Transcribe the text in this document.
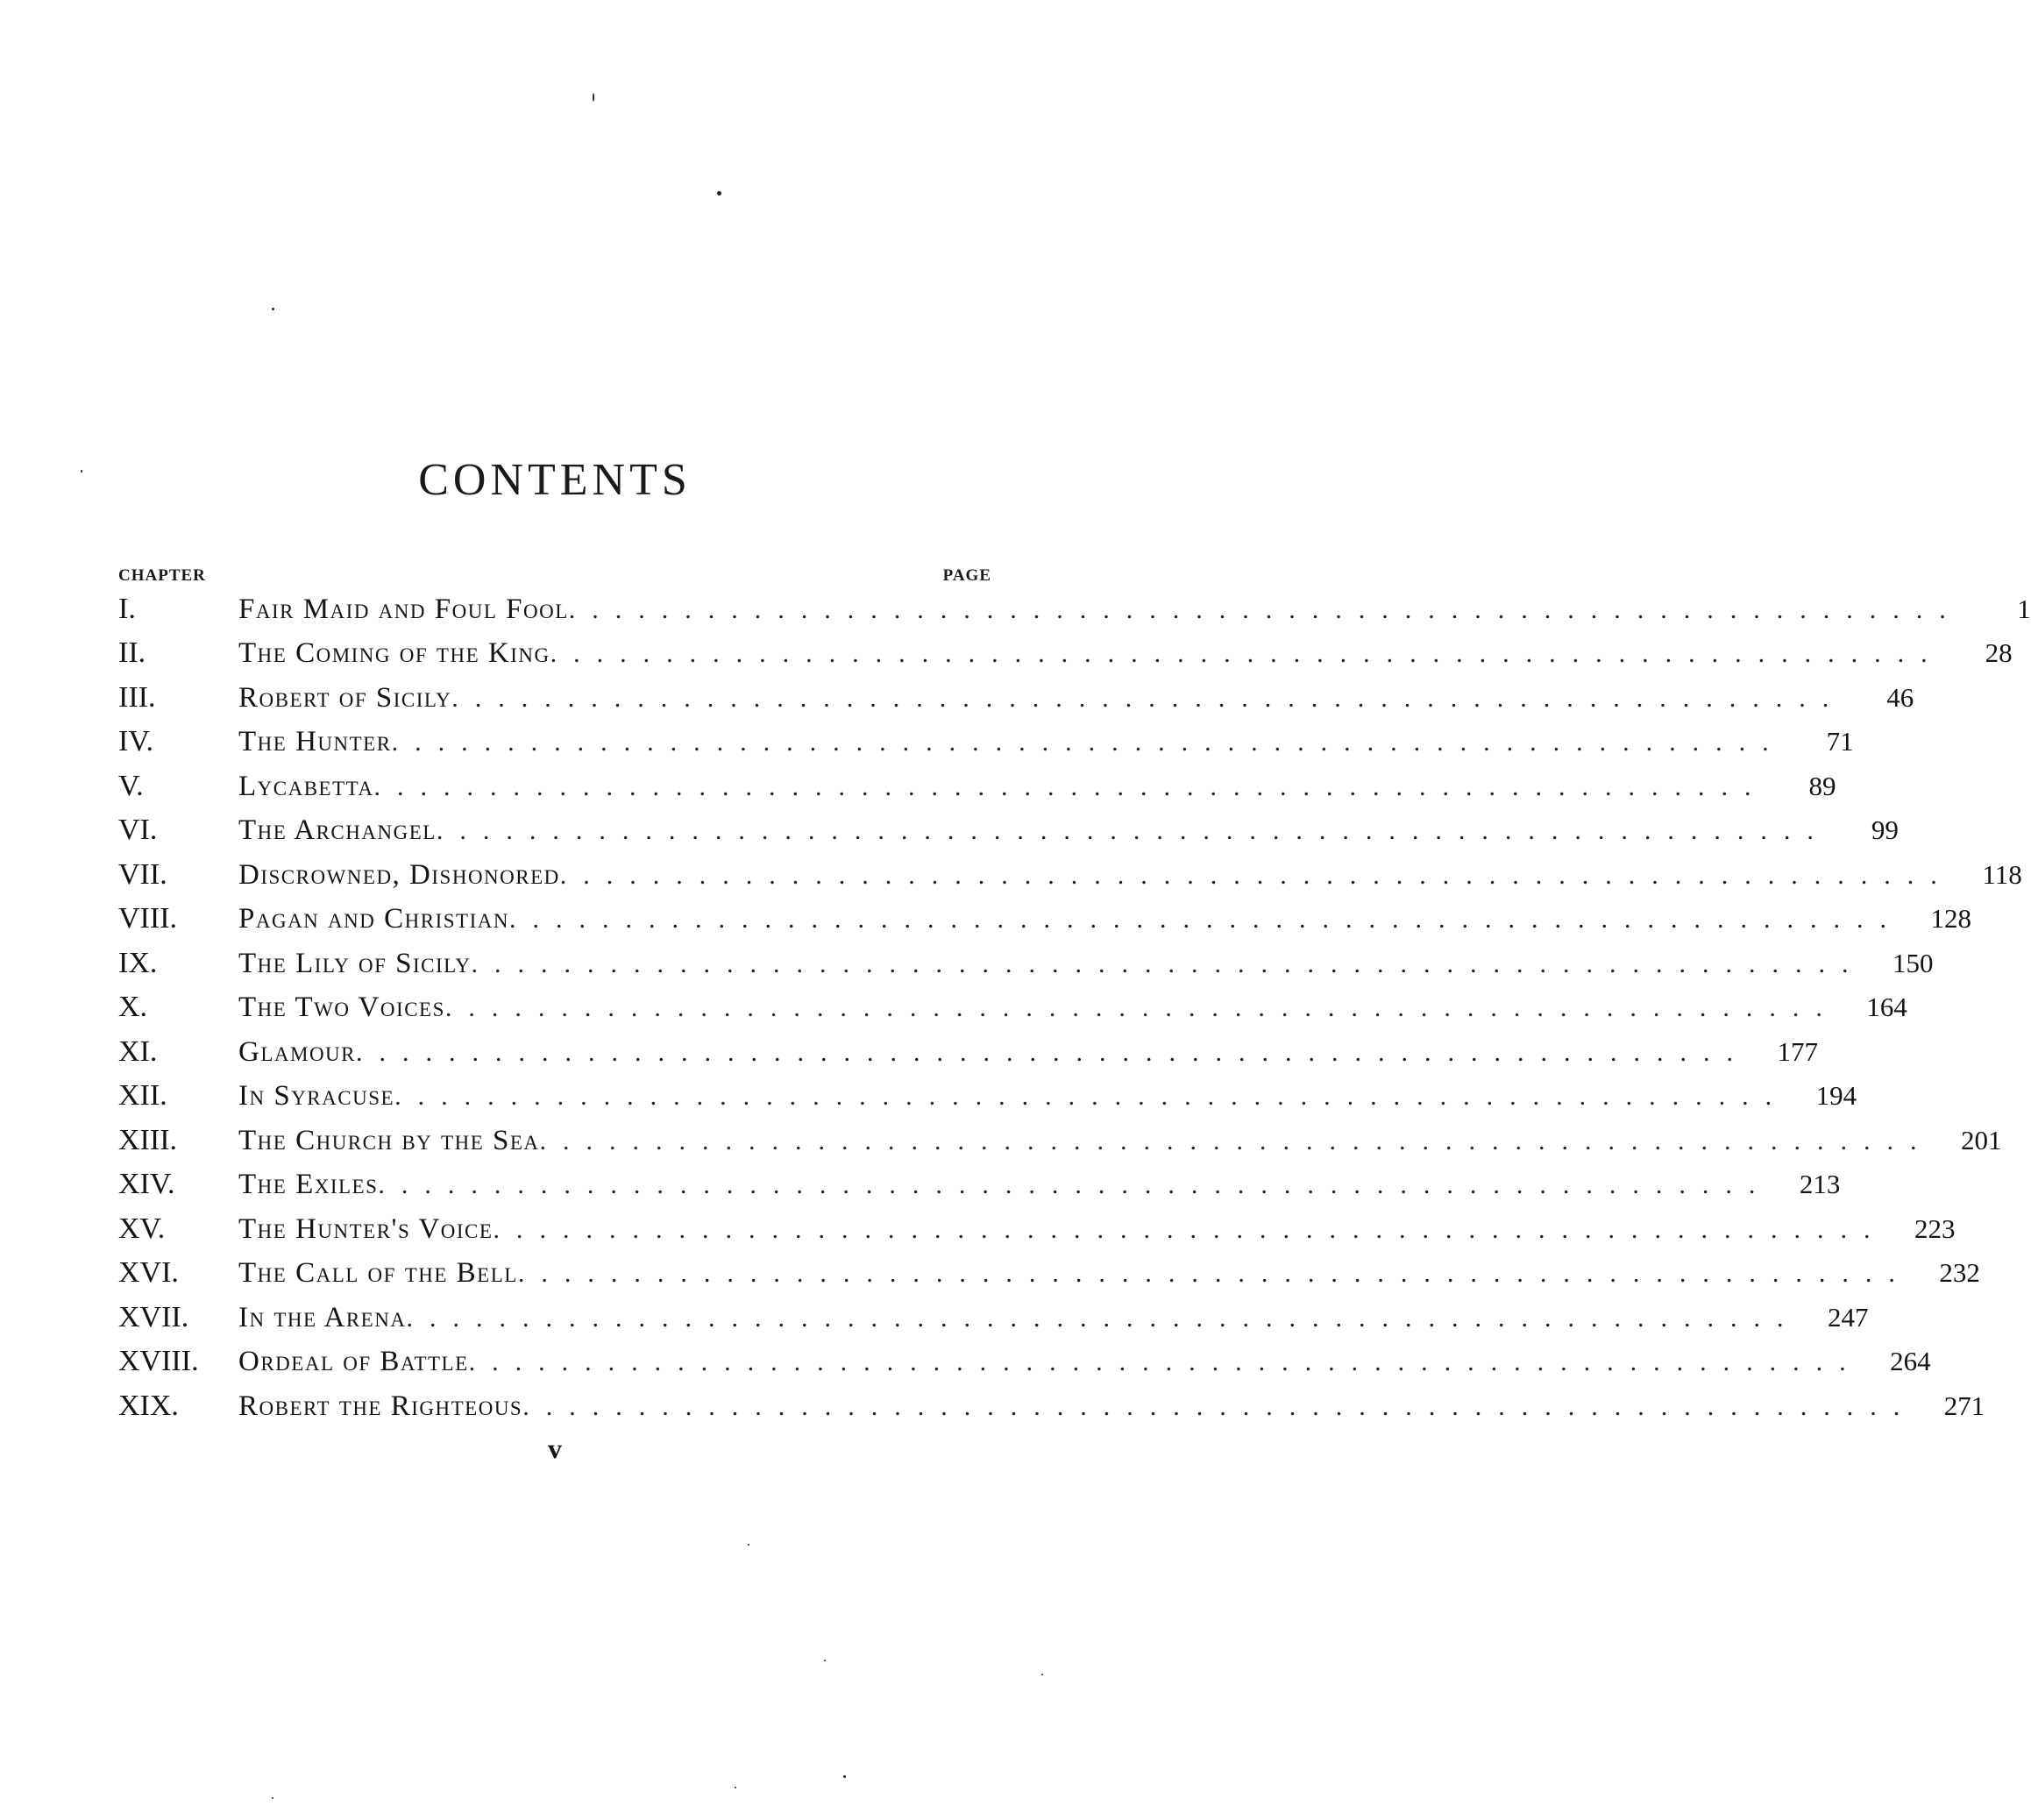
CONTENTS
CHAPTER	PAGE
I.	Fair Maid and Foul Fool ............................................................	1
II.	The Coming of the King ............................................................	28
III.	Robert of Sicily ............................................................	46
IV.	The Hunter ............................................................	71
V.	Lycabetta ............................................................	89
VI.	The Archangel ............................................................	99
VII.	Discrowned, Dishonored ............................................................	118
VIII.	Pagan and Christian ............................................................	128
IX.	The Lily of Sicily ............................................................	150
X.	The Two Voices ............................................................	164
XI.	Glamour ............................................................	177
XII.	In Syracuse ............................................................	194
XIII.	The Church by the Sea ............................................................	201
XIV.	The Exiles ............................................................	213
XV.	The Hunter's Voice ............................................................	223
XVI.	The Call of the Bell ............................................................	232
XVII.	In the Arena ............................................................	247
XVIII.	Ordeal of Battle ............................................................	264
XIX.	Robert the Righteous ............................................................	271
v
